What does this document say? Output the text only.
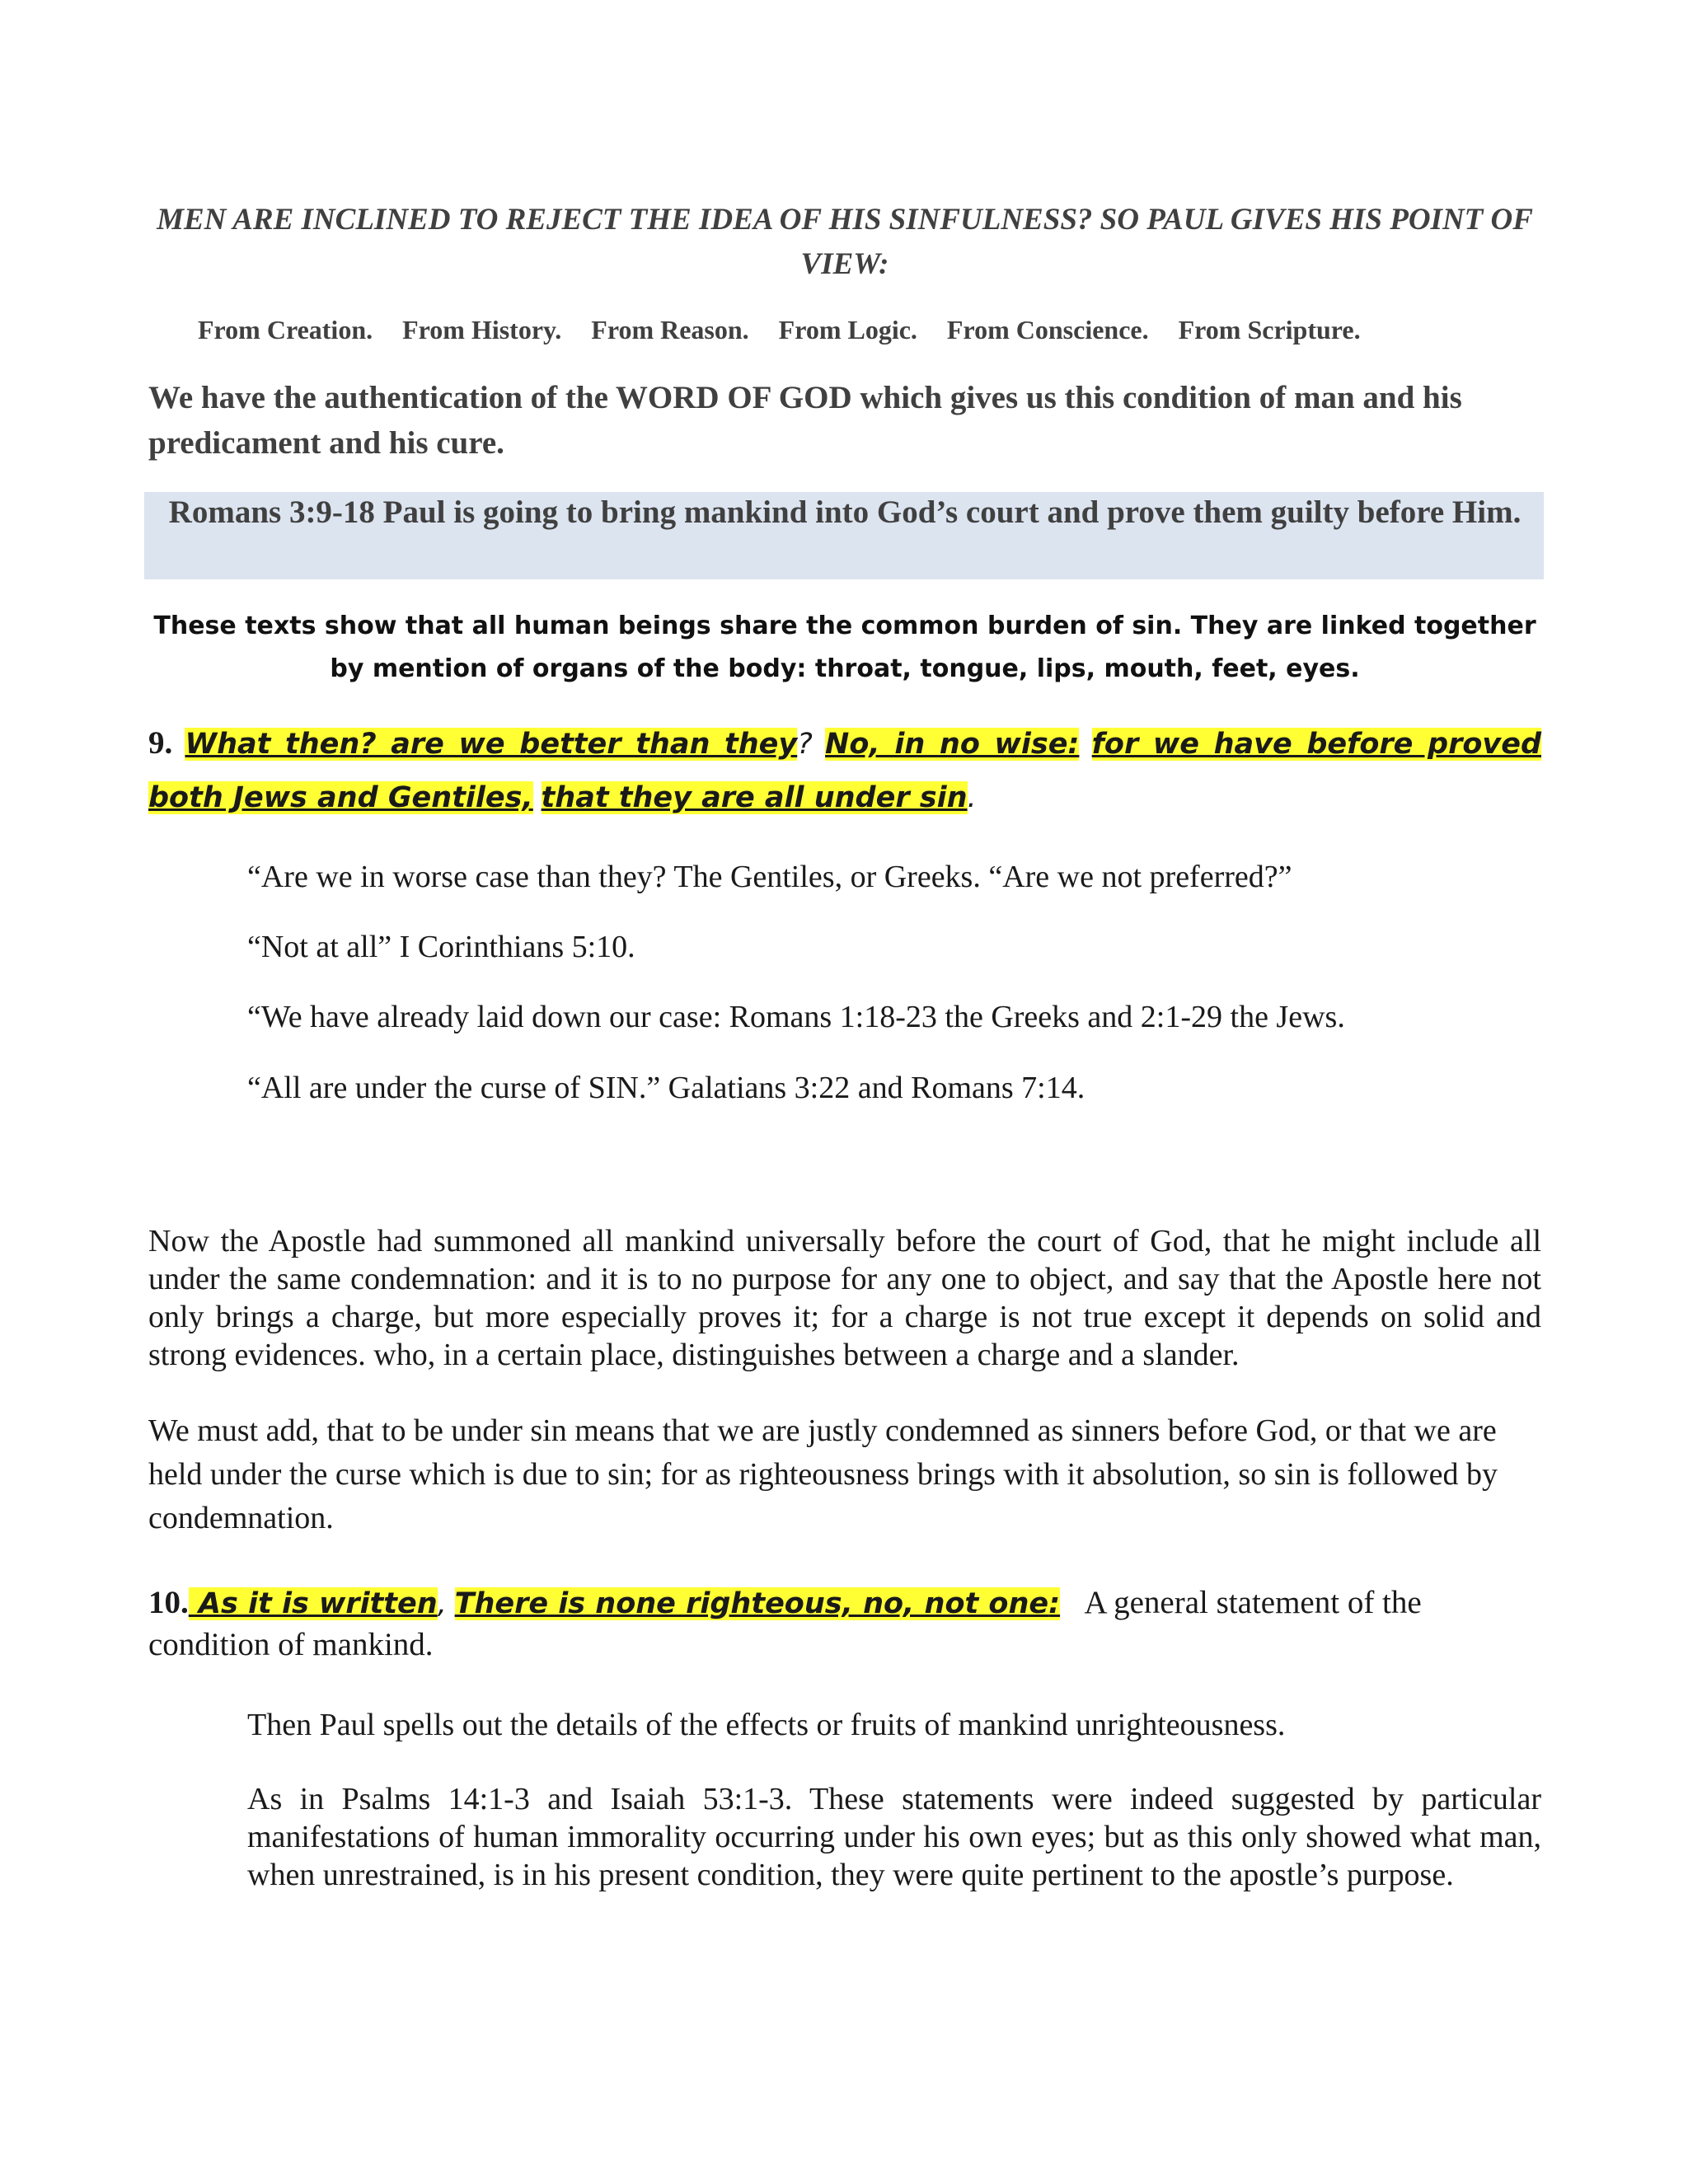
MEN ARE INCLINED TO REJECT THE IDEA OF HIS SINFULNESS? SO PAUL GIVES HIS POINT OF VIEW:
From Creation. From History. From Reason. From Logic. From Conscience. From Scripture.
We have the authentication of the WORD OF GOD which gives us this condition of man and his predicament and his cure.
Romans 3:9-18 Paul is going to bring mankind into God’s court and prove them guilty before Him.
These texts show that all human beings share the common burden of sin. They are linked together by mention of organs of the body: throat, tongue, lips, mouth, feet, eyes.
9. What then? are we better than they? No, in no wise: for we have before proved both Jews and Gentiles, that they are all under sin.
“Are we in worse case than they? The Gentiles, or Greeks. “Are we not preferred?”
“Not at all” I Corinthians 5:10.
“We have already laid down our case: Romans 1:18-23 the Greeks and 2:1-29 the Jews.
“All are under the curse of SIN.” Galatians 3:22 and Romans 7:14.
Now the Apostle had summoned all mankind universally before the court of God, that he might include all under the same condemnation: and it is to no purpose for any one to object, and say that the Apostle here not only brings a charge, but more especially proves it; for a charge is not true except it depends on solid and strong evidences. who, in a certain place, distinguishes between a charge and a slander.
We must add, that to be under sin means that we are justly condemned as sinners before God, or that we are held under the curse which is due to sin; for as righteousness brings with it absolution, so sin is followed by condemnation.
10. As it is written, There is none righteous, no, not one: A general statement of the condition of mankind.
Then Paul spells out the details of the effects or fruits of mankind unrighteousness.
As in Psalms 14:1-3 and Isaiah 53:1-3. These statements were indeed suggested by particular manifestations of human immorality occurring under his own eyes; but as this only showed what man, when unrestrained, is in his present condition, they were quite pertinent to the apostle’s purpose.
